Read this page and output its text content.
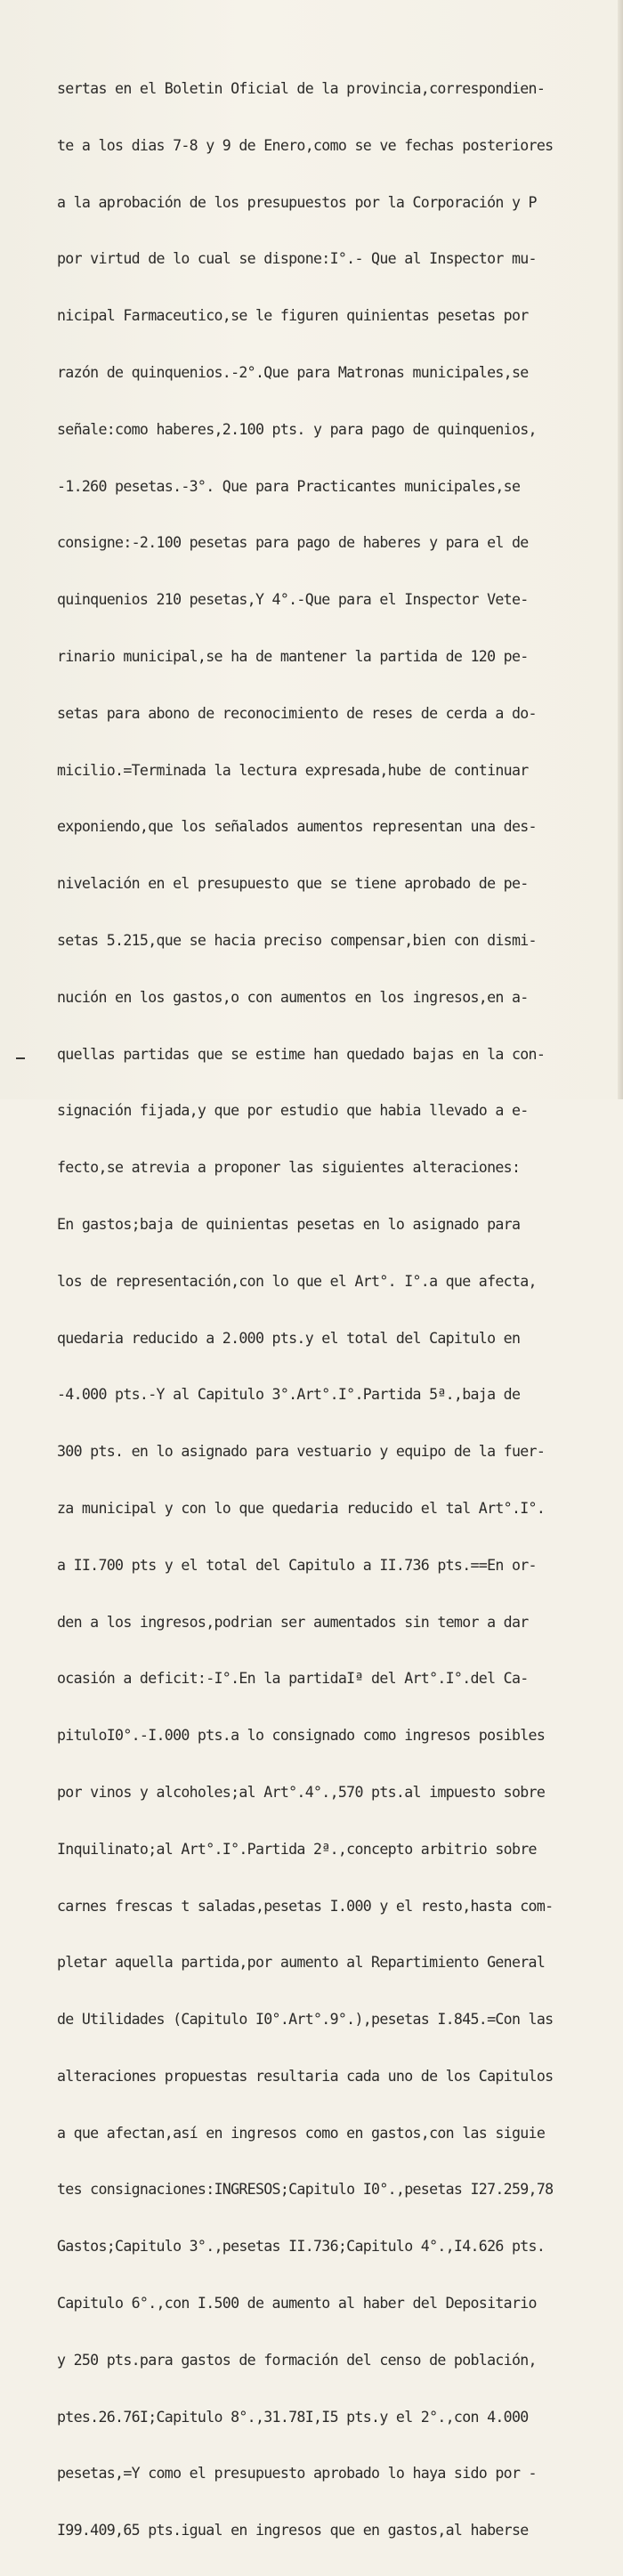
sertas en el Boletin Oficial de la provincia,correspondien-

te a los dias 7-8 y 9 de Enero,como se ve fechas posteriores

a la aprobación de los presupuestos por la Corporación y P

por virtud de lo cual se dispone:I°.- Que al Inspector mu-

nicipal Farmaceutico,se le figuren quinientas pesetas por

razón de quinquenios.-2°.Que para Matronas municipales,se

señale:como haberes,2.100 pts. y para pago de quinquenios,

-1.260 pesetas.-3°. Que para Practicantes municipales,se

consigne:-2.100 pesetas para pago de haberes y para el de

quinquenios 210 pesetas,Y 4°.-Que para el Inspector Vete-

rinario municipal,se ha de mantener la partida de 120 pe-

setas para abono de reconocimiento de reses de cerda a do-

micilio.=Terminada la lectura expresada,hube de continuar

exponiendo,que los señalados aumentos representan una des-

nivelación en el presupuesto que se tiene aprobado de pe-

setas 5.215,que se hacia preciso compensar,bien con dismi-

nución en los gastos,o con aumentos en los ingresos,en a-

quellas partidas que se estime han quedado bajas en la con-

signación fijada,y que por estudio que habia llevado a e-

fecto,se atrevia a proponer las siguientes alteraciones:

En gastos;baja de quinientas pesetas en lo asignado para

los de representación,con lo que el Art°. I°.a que afecta,

quedaria reducido a 2.000 pts.y el total del Capitulo en

-4.000 pts.-Y al Capitulo 3°.Art°.I°.Partida 5ª.,baja de

300 pts. en lo asignado para vestuario y equipo de la fuer-

za municipal y con lo que quedaria reducido el tal Art°.I°.

a II.700 pts y el total del Capitulo a II.736 pts.==En or-

den a los ingresos,podrian ser aumentados sin temor a dar

ocasión a deficit:-I°.En la partidaIª del Art°.I°.del Ca-

pituloI0°.-I.000 pts.a lo consignado como ingresos posibles

por vinos y alcoholes;al Art°.4°.,570 pts.al impuesto sobre

Inquilinato;al Art°.I°.Partida 2ª.,concepto arbitrio sobre

carnes frescas t saladas,pesetas I.000 y el resto,hasta com-

pletar aquella partida,por aumento al Repartimiento General

de Utilidades (Capitulo I0°.Art°.9°.),pesetas I.845.=Con las

alteraciones propuestas resultaria cada uno de los Capitulos

a que afectan,así en ingresos como en gastos,con las siguie

tes consignaciones:INGRESOS;Capitulo I0°.,pesetas I27.259,78

Gastos;Capitulo 3°.,pesetas II.736;Capitulo 4°.,I4.626 pts.

Capitulo 6°.,con I.500 de aumento al haber del Depositario

y 250 pts.para gastos de formación del censo de población,

ptes.26.76I;Capitulo 8°.,31.78I,I5 pts.y el 2°.,con 4.000

pesetas,=Y como el presupuesto aprobado lo haya sido por -

I99.409,65 pts.igual en ingresos que en gastos,al haberse
